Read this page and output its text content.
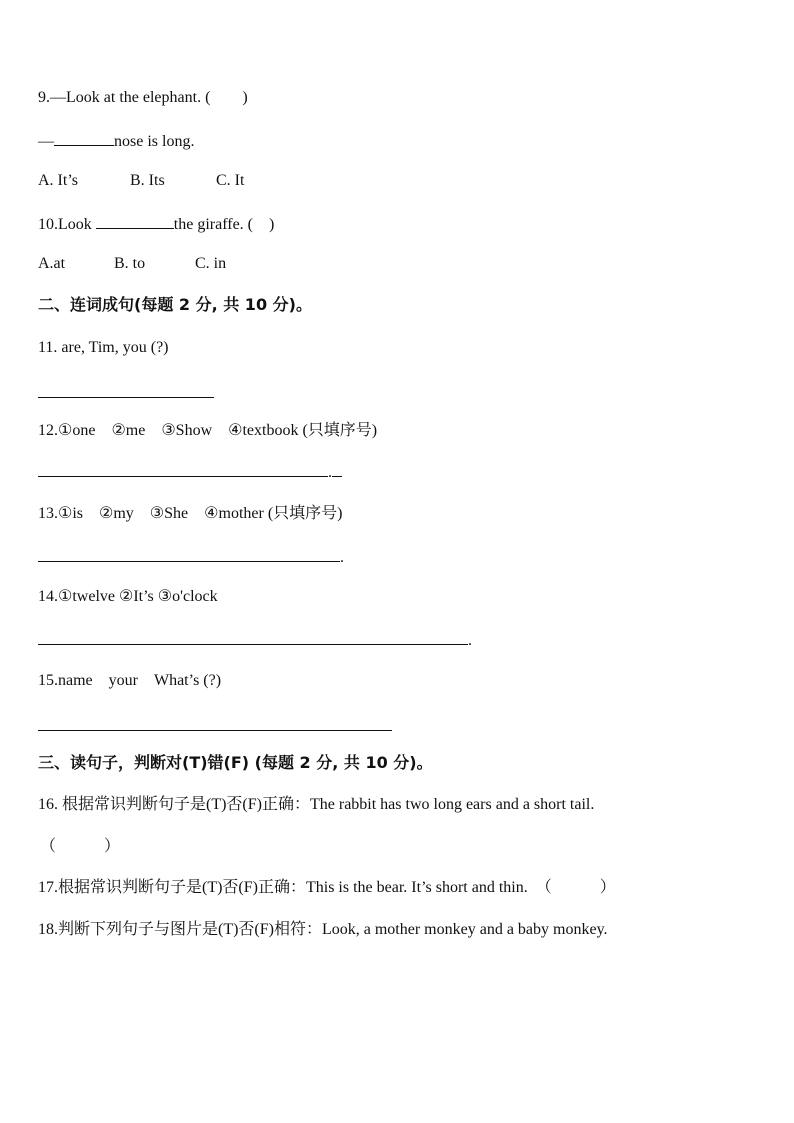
9.—Look at the elephant. (　　)
—	nose is long.
A. It’s	B. Its	C. It
10.Look	the giraffe. (　)
A.at	B. to	C. in
二、连词成句(每题 2 分, 共 10 分)。
11. are, Tim, you (?)
12.①one　②me　③Show　④textbook (只填序号)
.
13.①is　②my　③She　④mother (只填序号)
.
14.①twelve ②It’s ③o'clock
.
15.name　your　What’s (?)
三、读句子，判断对(T)错(F) (每题 2 分, 共 10 分)。
16. 根据常识判断句子是(T)否(F)正确：The rabbit has two long ears and a short tail.
（　　　）
17.根据常识判断句子是(T)否(F)正确：This is the bear. It’s short and thin.　（　　　）
18.判断下列句子与图片是(T)否(F)相符：Look, a mother monkey and a baby monkey.
